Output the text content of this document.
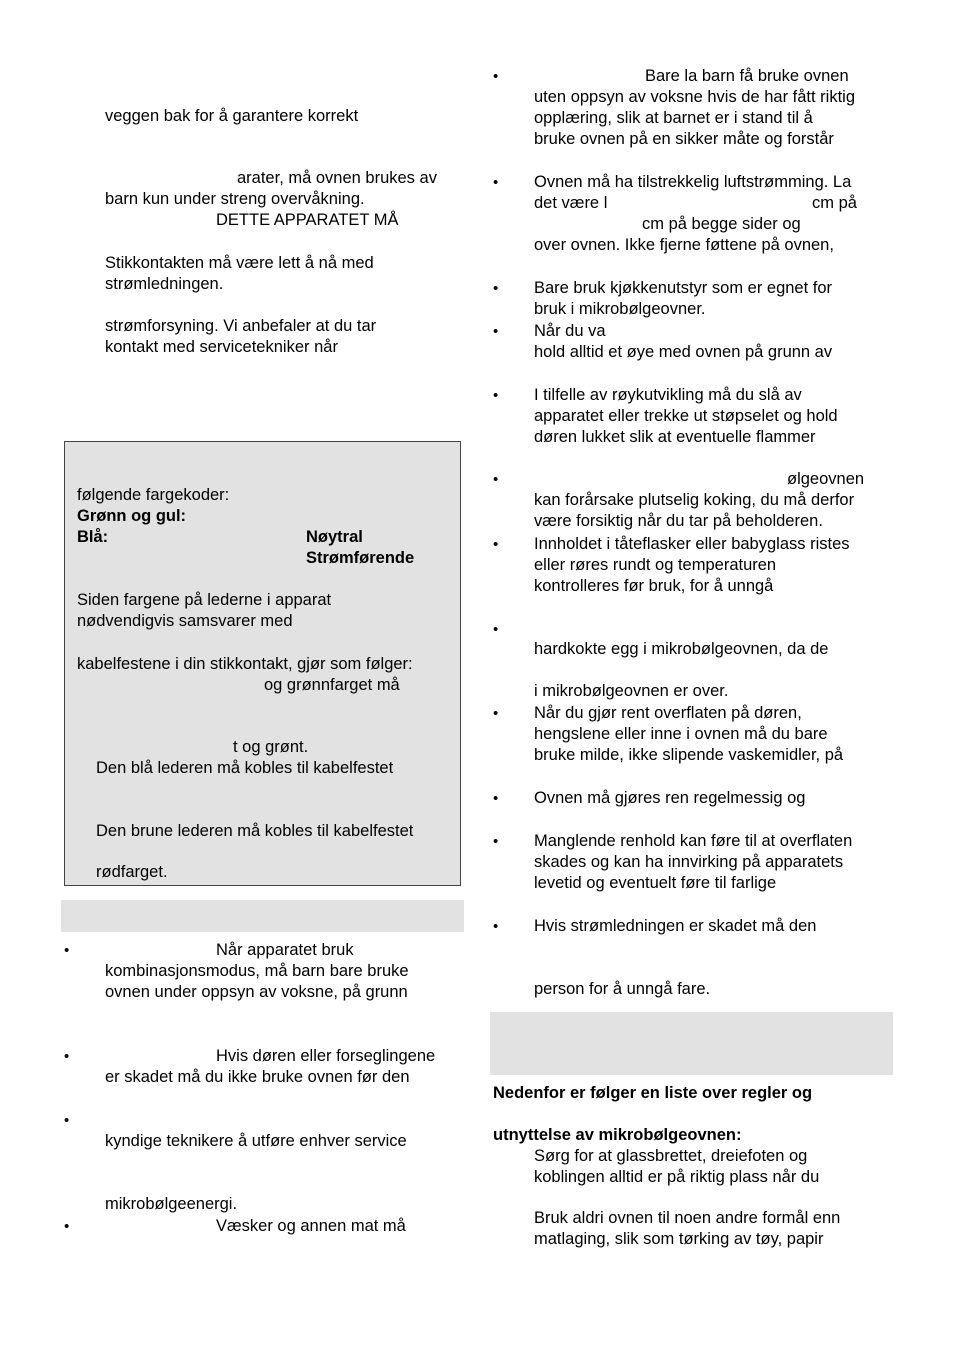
veggen bak for å garantere korrekt
arater, må ovnen brukes av
barn kun under streng overvåkning.
DETTE APPARATET MÅ
Stikkontakten må være lett å nå med
strømledningen.
strømforsyning. Vi anbefaler at du tar
kontakt med servicetekniker når
følgende fargekoder:
Grønn og gul:
Blå:	Nøytral
Strømførende
Siden fargene på lederne i apparat
nødvendigvis samsvarer med
kabelfestene i din stikkontakt, gjør som følger:
og grønnfarget må
t og grønt.
Den blå lederen må kobles til kabelfestet
Den brune lederen må kobles til kabelfestet
rødfarget.
•	Når apparatet bruk
kombinasjonsmodus, må barn bare bruke
ovnen under oppsyn av voksne, på grunn
•	Hvis døren eller forseglingene
er skadet må du ikke bruke ovnen før den
•
kyndige teknikere å utføre enhver service
mikrobølgeenergi.
•	Væsker og annen mat må
•	Bare la barn få bruke ovnen
uten oppsyn av voksne hvis de har fått riktig
opplæring, slik at barnet er i stand til å
bruke ovnen på en sikker måte og forstår
• Ovnen må ha tilstrekkelig luftstrømming. La
det være l	cm på
cm på begge sider og
over ovnen. Ikke fjerne føttene på ovnen,
• Bare bruk kjøkkenutstyr som er egnet for
bruk i mikrobølgeovner.
• Når du va
hold alltid et øye med ovnen på grunn av
• I tilfelle av røykutvikling må du slå av
apparatet eller trekke ut støpselet og hold
døren lukket slik at eventuelle flammer
•	ølgeovnen
kan forårsake plutselig koking, du må derfor
være forsiktig når du tar på beholderen.
• Innholdet i tåteflasker eller babyglass ristes
eller røres rundt og temperaturen
kontrolleres før bruk, for å unngå
•
hardkokte egg i mikrobølgeovnen, da de
i mikrobølgeovnen er over.
• Når du gjør rent overflaten på døren,
hengslene eller inne i ovnen må du bare
bruke milde, ikke slipende vaskemidler, på
• Ovnen må gjøres ren regelmessig og
• Manglende renhold kan føre til at overflaten
skades og kan ha innvirking på apparatets
levetid og eventuelt føre til farlige
• Hvis strømledningen er skadet må den
person for å unngå fare.
Nedenfor er følger en liste over regler og
utnyttelse av mikrobølgeovnen:
Sørg for at glassbrettet, dreiefoten og
koblingen alltid er på riktig plass når du
Bruk aldri ovnen til noen andre formål enn
matlaging, slik som tørking av tøy, papir
